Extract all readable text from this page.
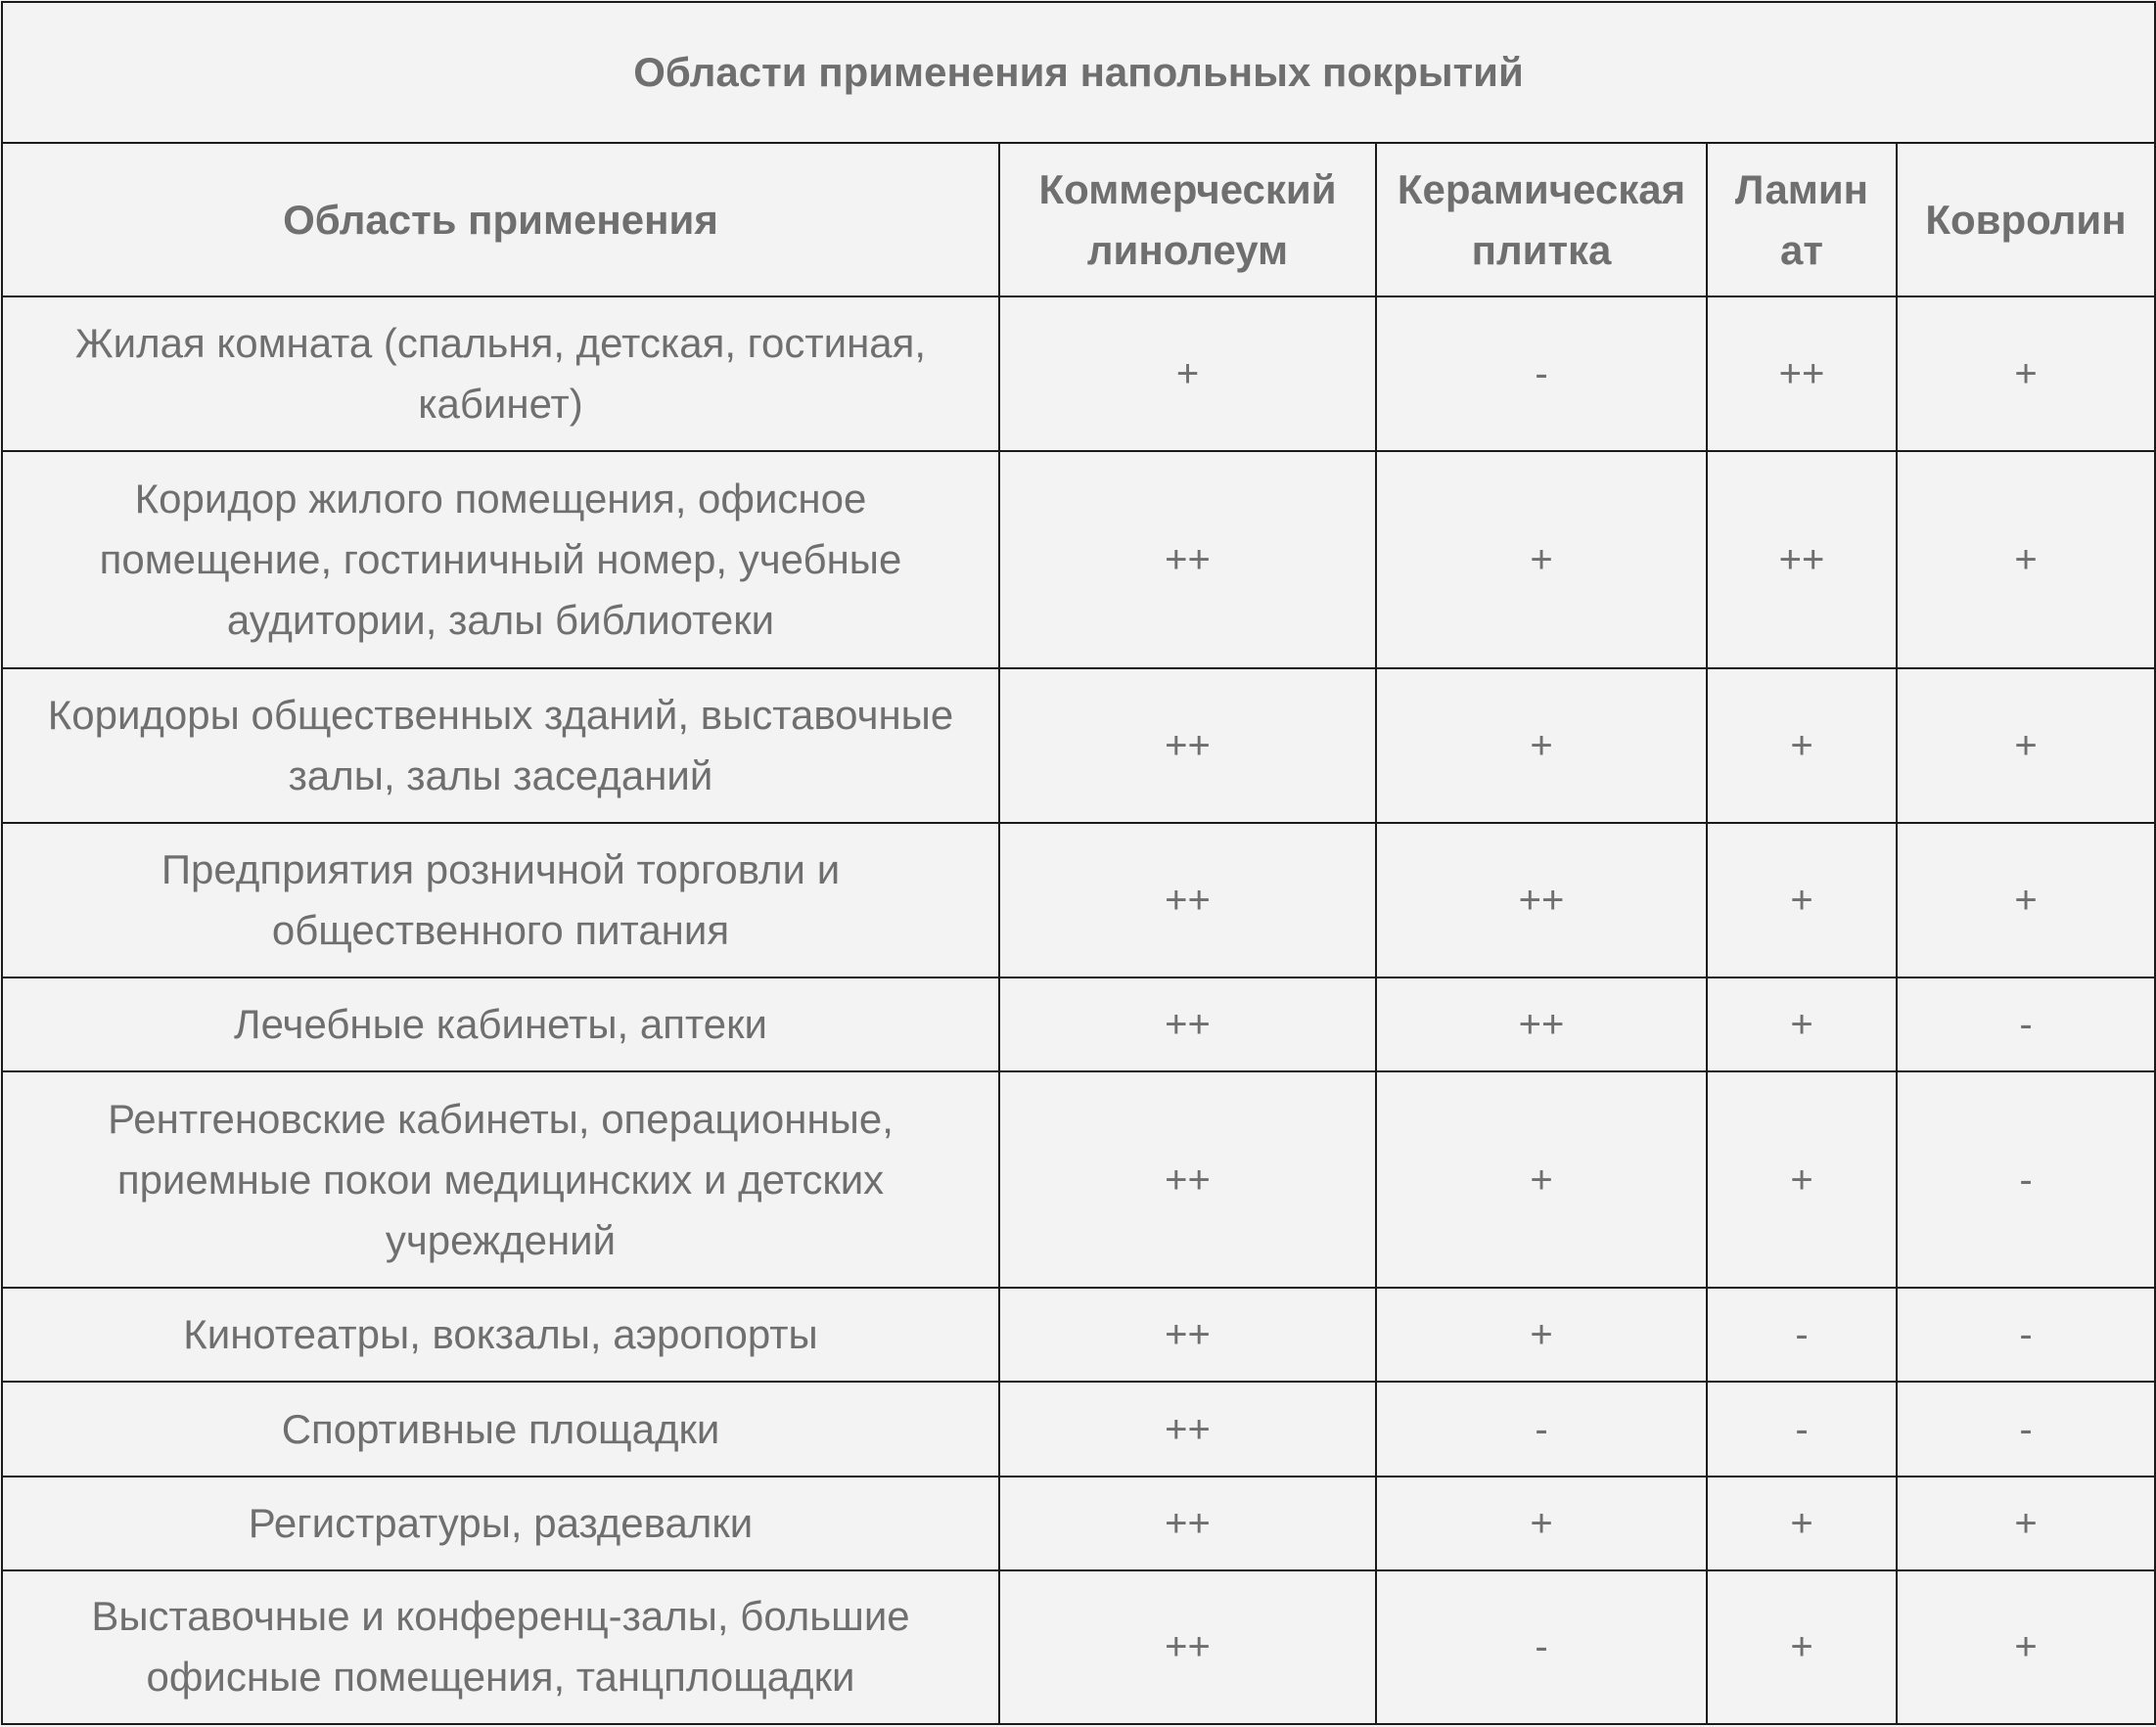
Области применения напольных покрытий				
Область применения	Коммерческий линолеум	Керамическая плитка	Ламин ат	Ковролин
Жилая комната (спальня, детская, гостиная, кабинет)	+	-	++	+
Коридор жилого помещения, офисное помещение, гостиничный номер, учебные аудитории, залы библиотеки	++	+	++	+
Коридоры общественных зданий, выставочные залы, залы заседаний	++	+	+	+
Предприятия розничной торговли и общественного питания	++	++	+	+
Лечебные кабинеты, аптеки	++	++	+	-
Рентгеновские кабинеты, операционные, приемные покои медицинских и детских учреждений	++	+	+	-
Кинотеатры, вокзалы, аэропорты	++	+	-	-
Спортивные площадки	++	-	-	-
Регистратуры, раздевалки	++	+	+	+
Выставочные и конференц-залы, большие офисные помещения, танцплощадки	++	-	+	+
